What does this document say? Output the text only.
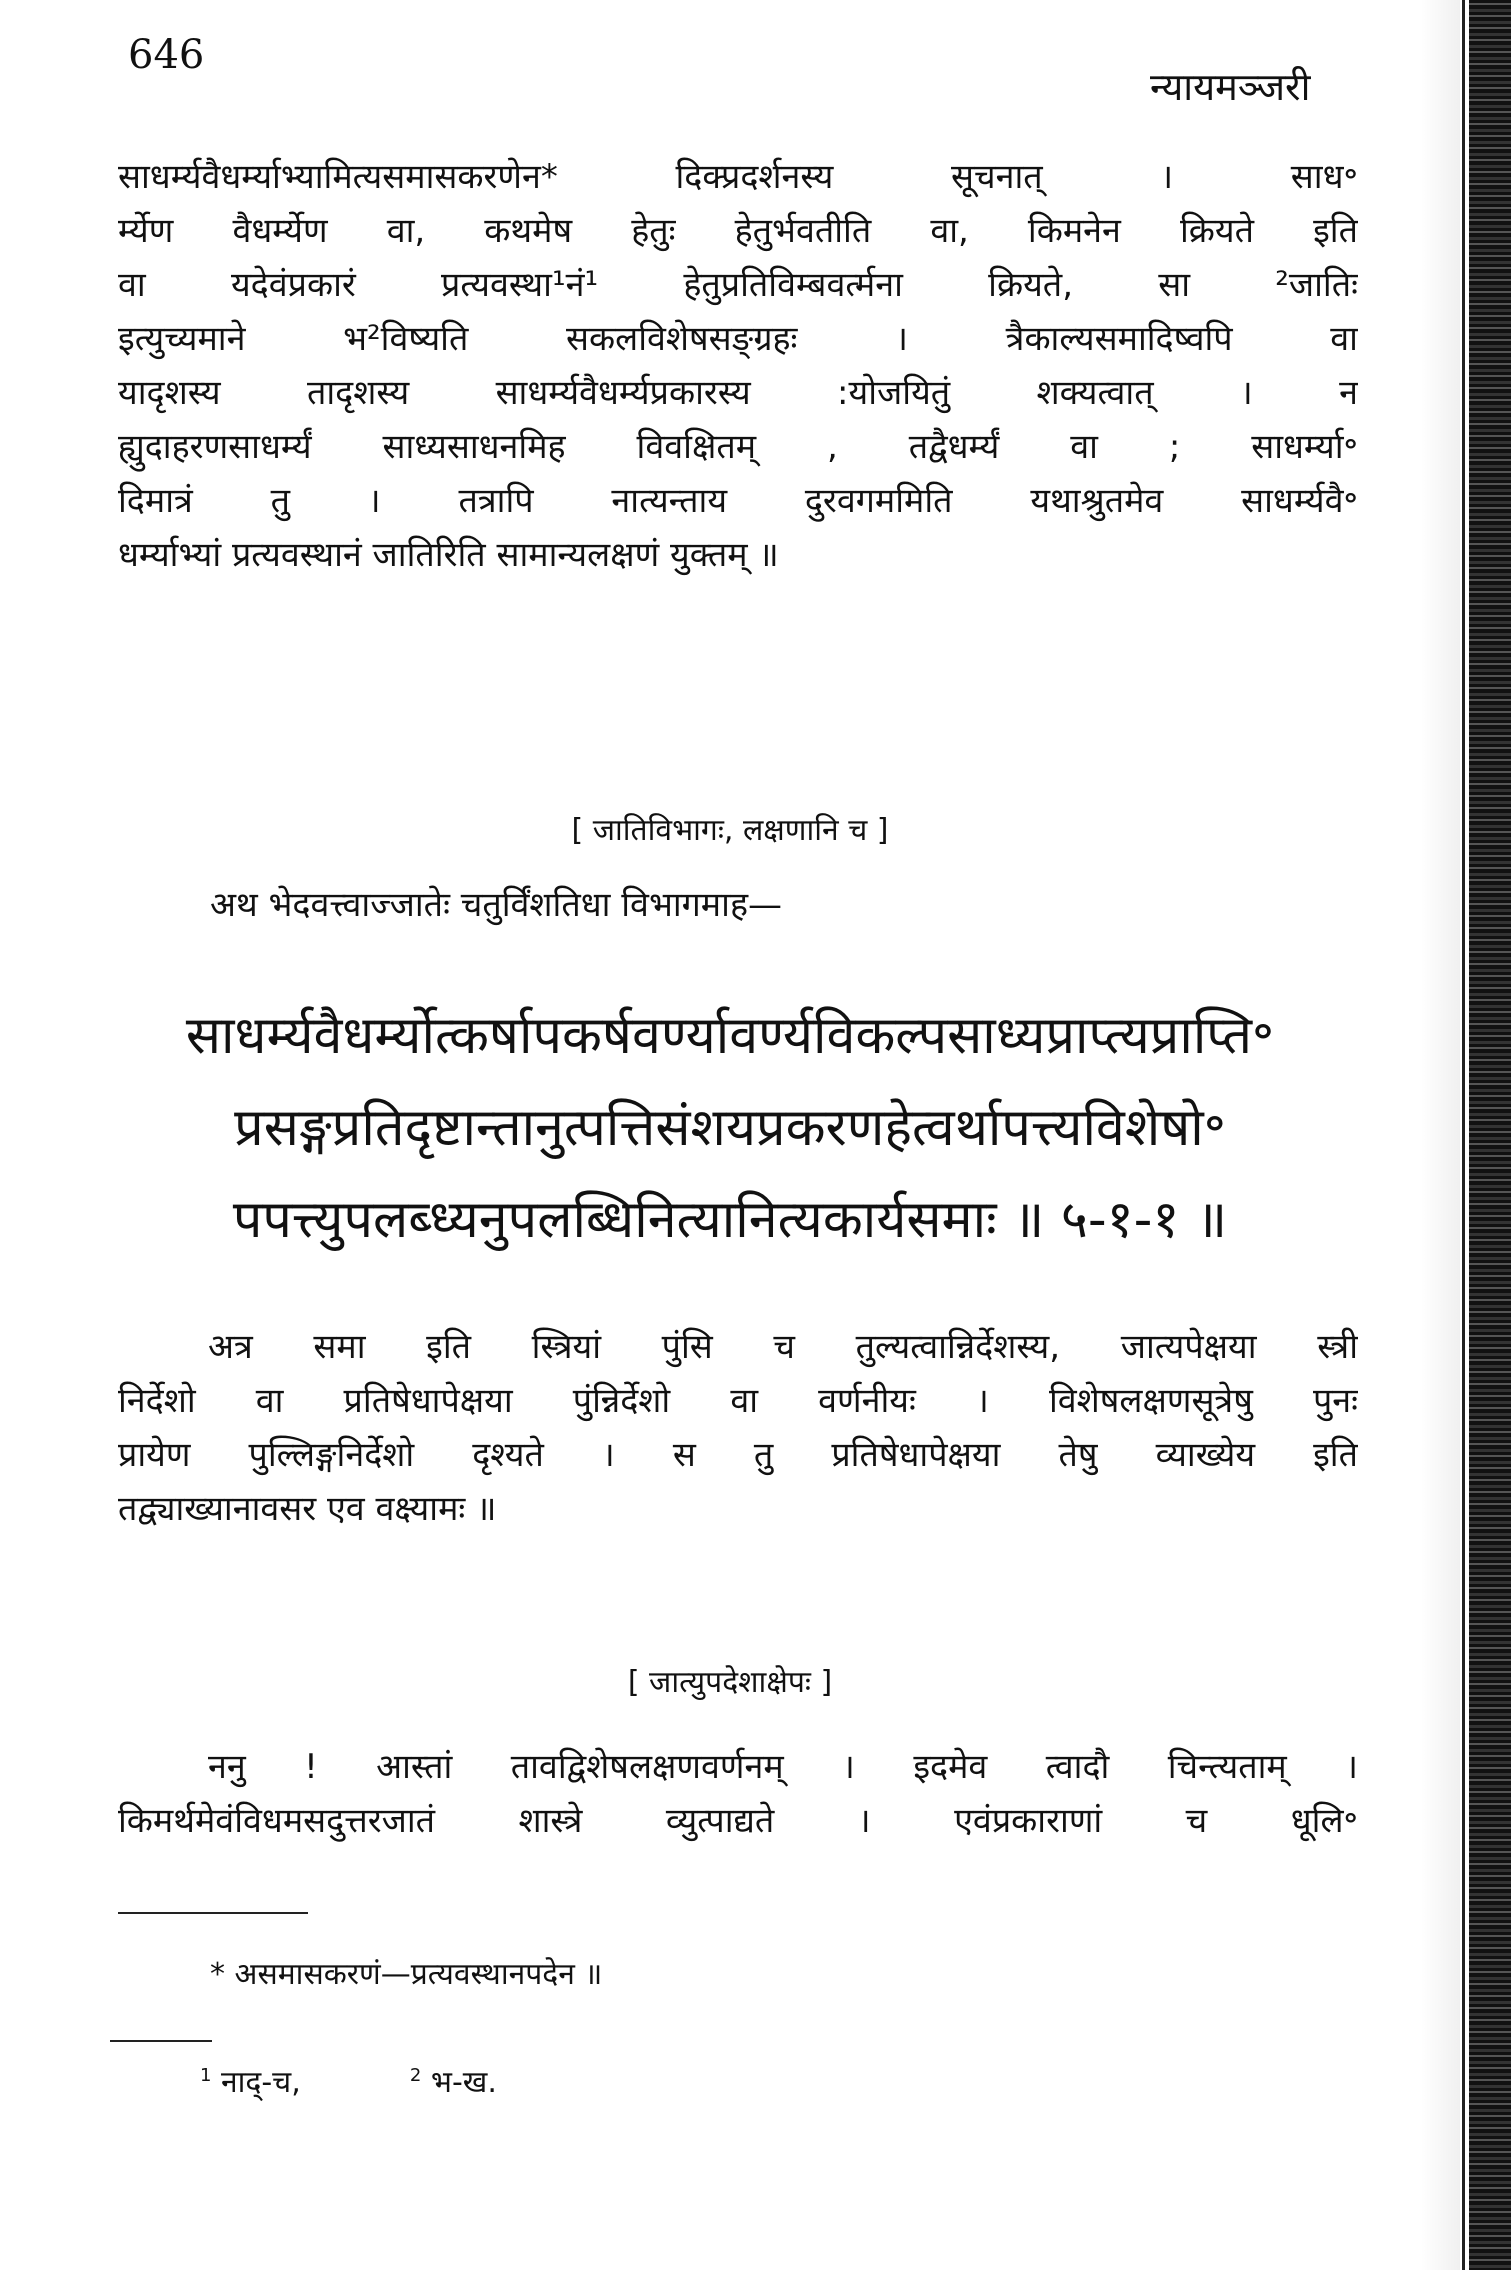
646
न्यायमञ्जरी
साधर्म्यवैधर्म्याभ्यामित्यसमासकरणेन* दिक्प्रदर्शनस्य सूचनात् । साध॰
र्म्येण वैधर्म्येण वा, कथमेष हेतुः हेतुर्भवतीति वा, किमनेन क्रियते इति
वा यदेवंप्रकारं प्रत्यवस्था¹नं¹ हेतुप्रतिविम्बवर्त्मना क्रियते, सा ²जातिः
इत्युच्यमाने भ²विष्यति सकलविशेषसङ्ग्रहः । त्रैकाल्यसमादिष्वपि वा
यादृशस्य तादृशस्य साधर्म्यवैधर्म्यप्रकारस्य :योजयितुं शक्यत्वात् । न
ह्युदाहरणसाधर्म्यं साध्यसाधनमिह विवक्षितम् , तद्वैधर्म्यं वा ; साधर्म्या॰
दिमात्रं तु । तत्रापि नात्यन्ताय दुरवगममिति यथाश्रुतमेव साधर्म्यवै॰
धर्म्याभ्यां प्रत्यवस्थानं जातिरिति सामान्यलक्षणं युक्तम् ॥
[ जातिविभागः, लक्षणानि च ]
अथ भेदवत्त्वाज्जातेः चतुर्विंशतिधा विभागमाह—
साधर्म्यवैधर्म्योत्कर्षापकर्षवर्ण्यावर्ण्यविकल्पसाध्यप्राप्त्यप्राप्ति॰
प्रसङ्गप्रतिदृष्टान्तानुत्पत्तिसंशयप्रकरणहेत्वर्थापत्त्यविशेषो॰
पपत्त्युपलब्ध्यनुपलब्धिनित्यानित्यकार्यसमाः ॥ ५-१-१ ॥
अत्र समा इति स्त्रियां पुंसि च तुल्यत्वान्निर्देशस्य, जात्यपेक्षया स्त्री
निर्देशो वा प्रतिषेधापेक्षया पुंन्निर्देशो वा वर्णनीयः । विशेषलक्षणसूत्रेषु पुनः
प्रायेण पुल्लिङ्गनिर्देशो दृश्यते । स तु प्रतिषेधापेक्षया तेषु व्याख्येय इति
तद्व्याख्यानावसर एव वक्ष्यामः ॥
[ जात्युपदेशाक्षेपः ]
ननु ! आस्तां तावद्विशेषलक्षणवर्णनम् । इदमेव त्वादौ चिन्त्यताम् ।
किमर्थमेवंविधमसदुत्तरजातं शास्त्रे व्युत्पाद्यते । एवंप्रकाराणां च धूलि॰
* असमासकरणं—प्रत्यवस्थानपदेन ॥
$^1$ नाद्-च,	$^2$ भ-ख.
